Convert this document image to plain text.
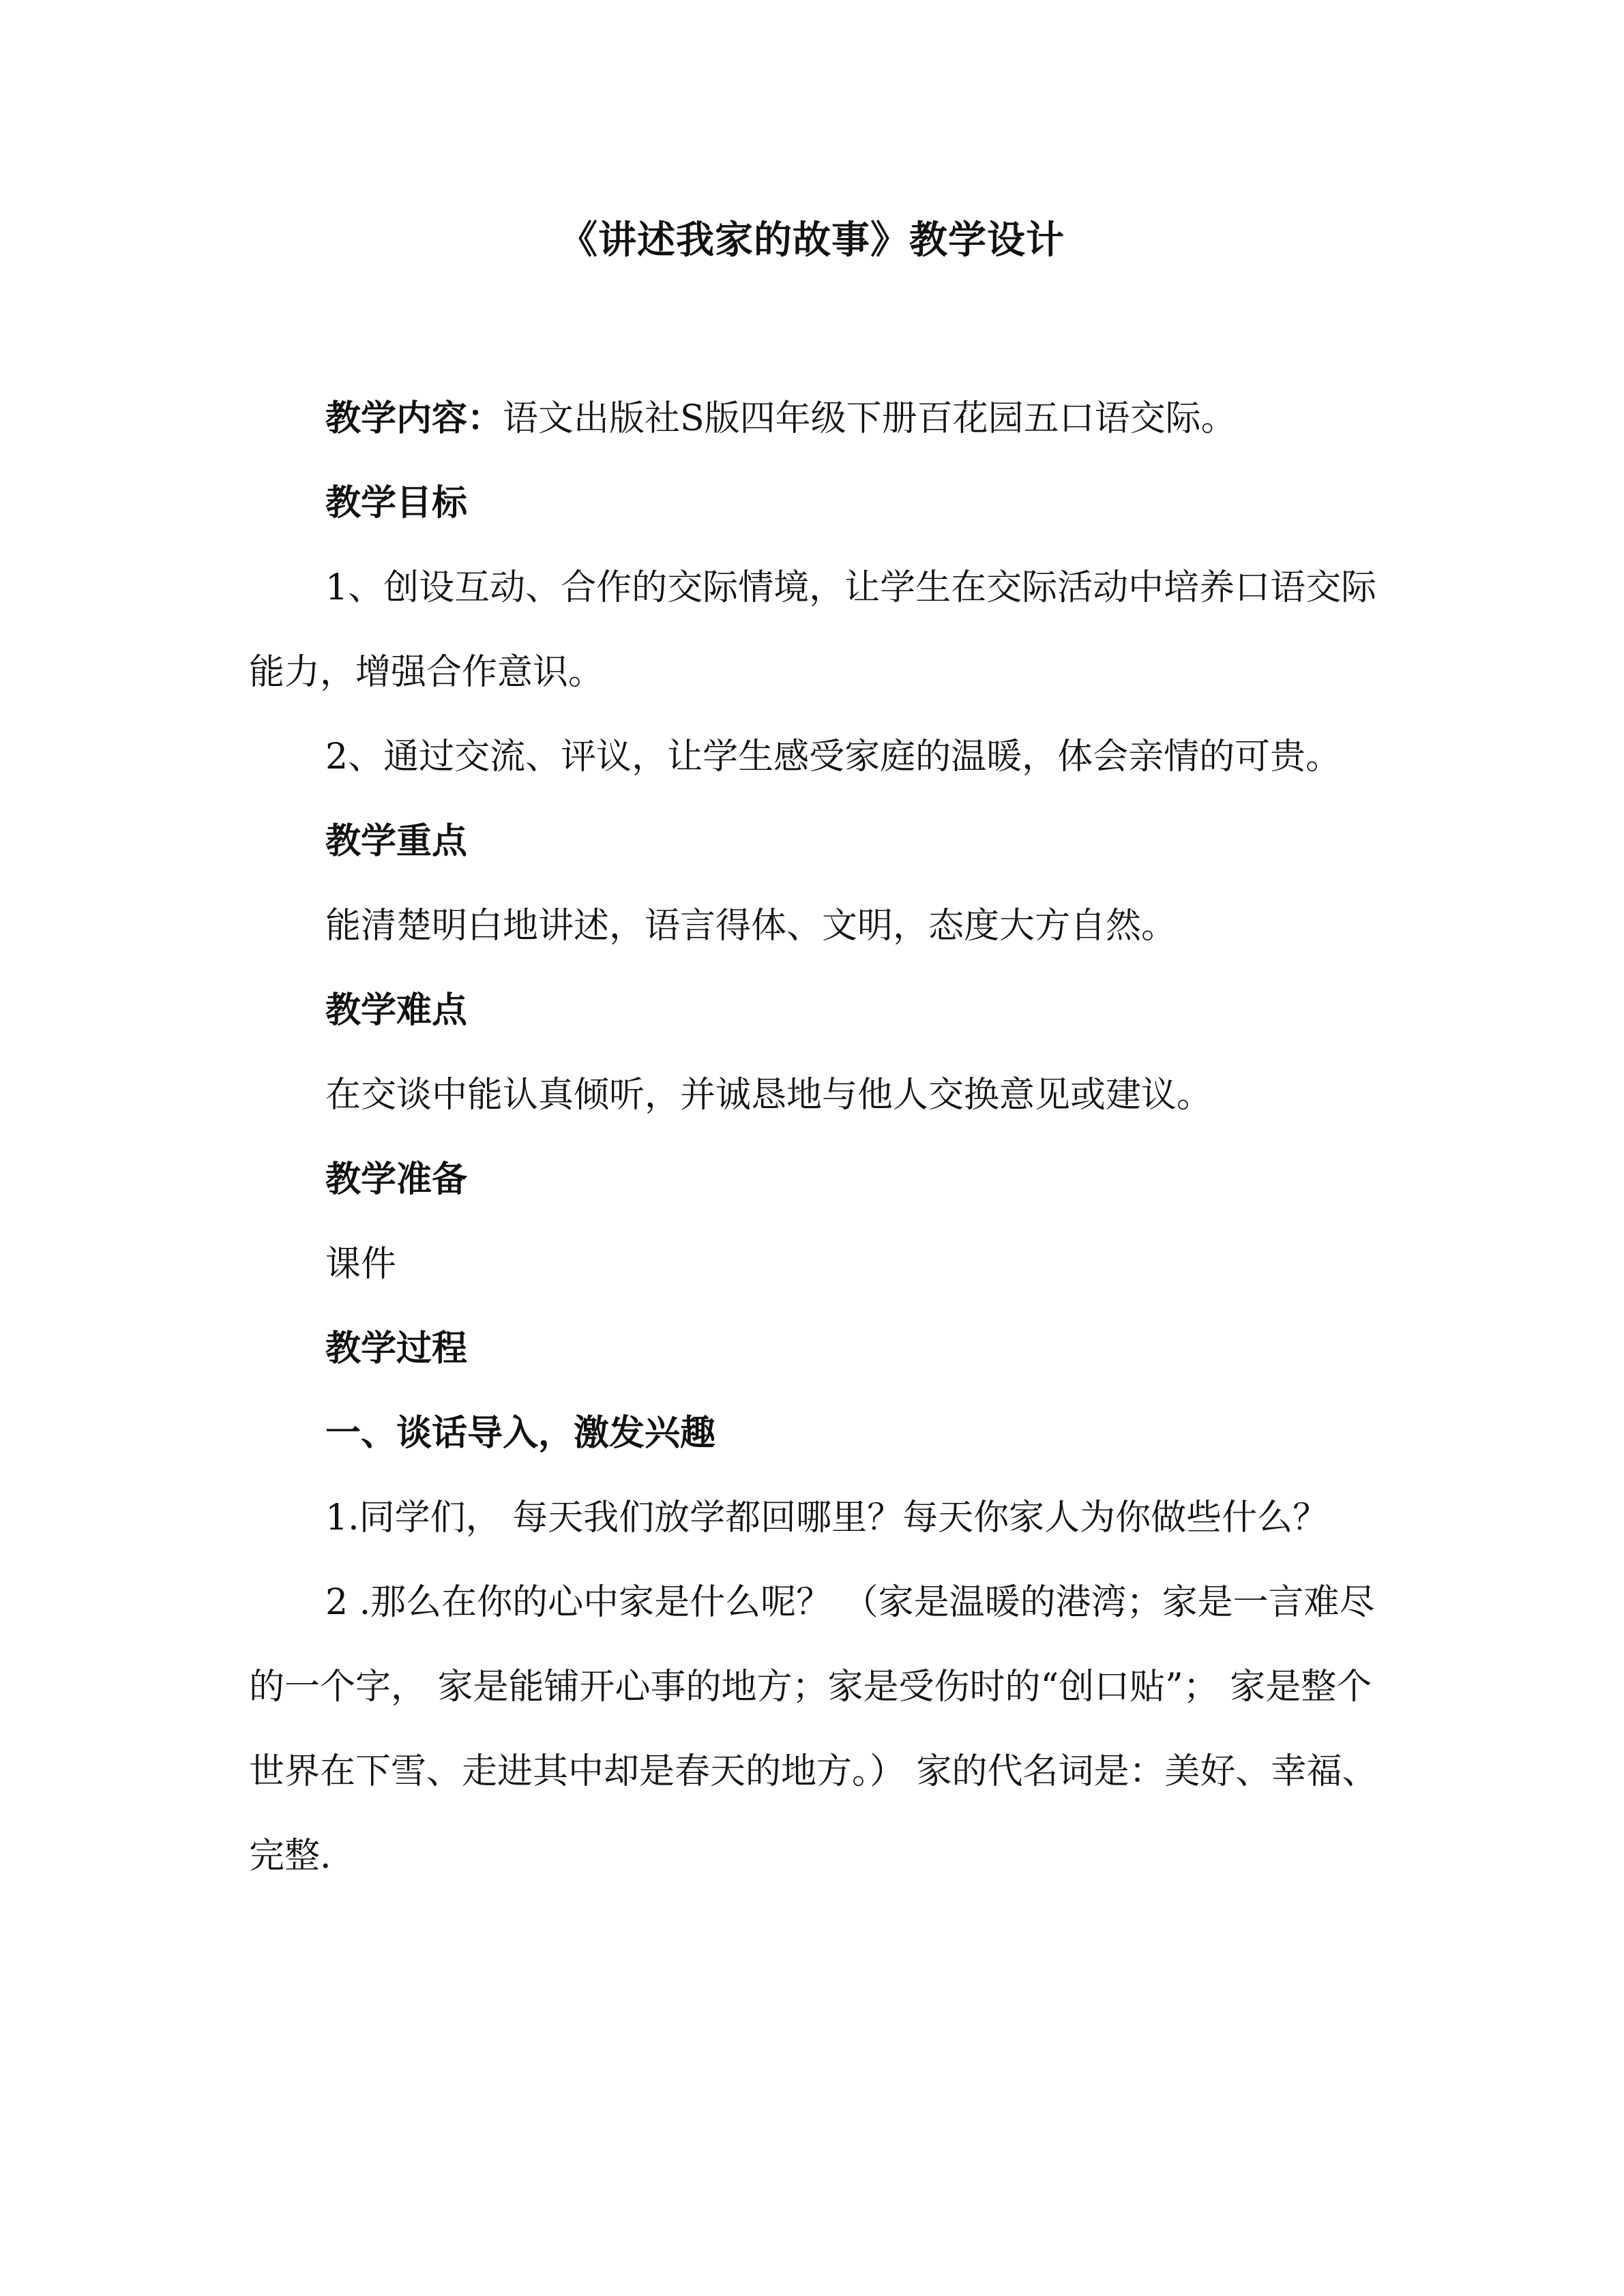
《讲述我家的故事》教学设计

教学内容：语文出版社S版四年级下册百花园五口语交际。

教学目标

1、创设互动、合作的交际情境，让学生在交际活动中培养口语交际能力，增强合作意识。

2、通过交流、评议，让学生感受家庭的温暖，体会亲情的可贵。

教学重点

能清楚明白地讲述，语言得体、文明，态度大方自然。

教学难点

在交谈中能认真倾听，并诚恳地与他人交换意见或建议。

教学准备

课件

教学过程

一、谈话导入，激发兴趣

1.同学们， 每天我们放学都回哪里？每天你家人为你做些什么？

2 .那么在你的心中家是什么呢？ （家是温暖的港湾；家是一言难尽的一个字， 家是能铺开心事的地方；家是受伤时的“创口贴”； 家是整个世界在下雪、走进其中却是春天的地方。） 家的代名词是：美好、幸福、完整.
